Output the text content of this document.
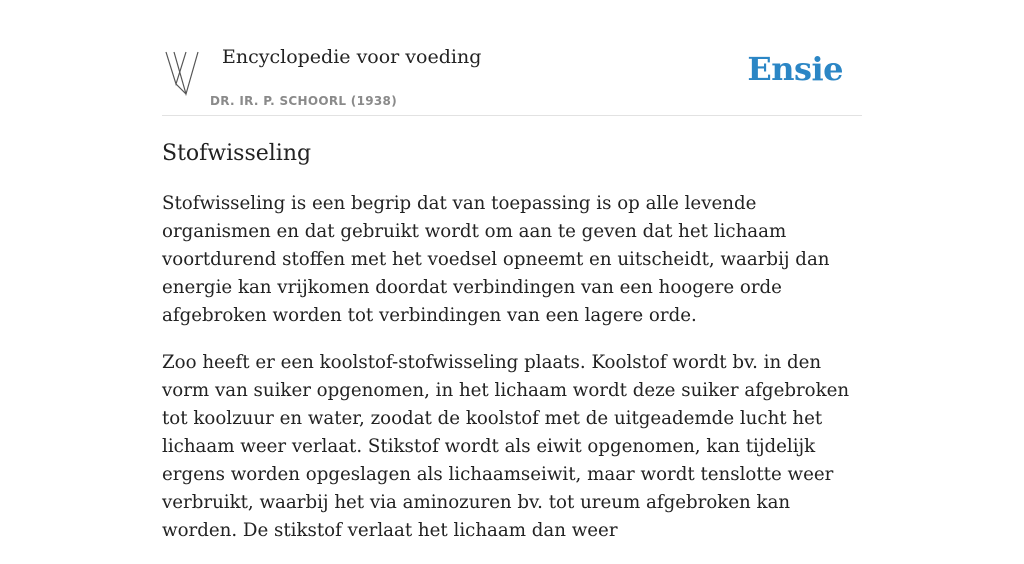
Encyclopedie voor voeding
DR. IR. P. SCHOORL (1938)
Ensie
Stofwisseling

Stofwisseling is een begrip dat van toepassing is op alle levende organismen en dat gebruikt wordt om aan te geven dat het lichaam voortdurend stoffen met het voedsel opneemt en uitscheidt, waarbij dan energie kan vrijkomen doordat verbindingen van een hoogere orde afgebroken worden tot verbindingen van een lagere orde.

Zoo heeft er een koolstof-stofwisseling plaats. Koolstof wordt bv. in den vorm van suiker opgenomen, in het lichaam wordt deze suiker afgebroken tot koolzuur en water, zoodat de koolstof met de uitgeademde lucht het lichaam weer verlaat. Stikstof wordt als eiwit opgenomen, kan tijdelijk ergens worden opgeslagen als lichaamseiwit, maar wordt tenslotte weer verbruikt, waarbij het via aminozuren bv. tot ureum afgebroken kan worden. De stikstof verlaat het lichaam dan weer
